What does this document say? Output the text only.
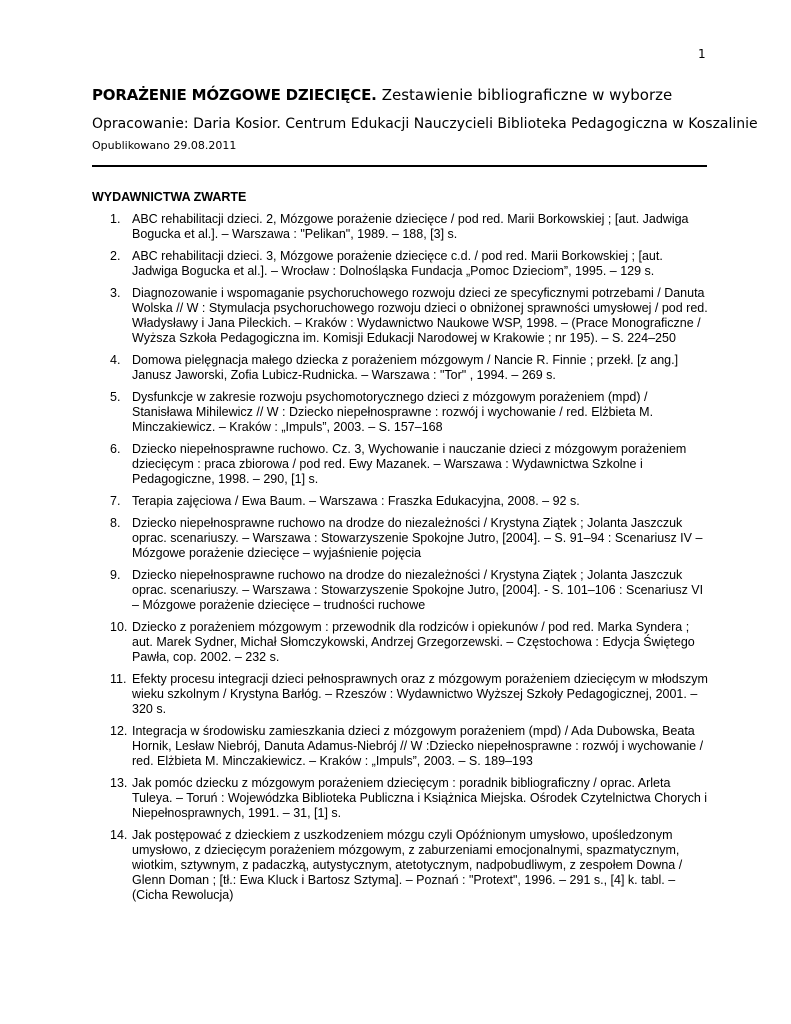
1
PORAŻENIE MÓZGOWE DZIECIĘCE. Zestawienie bibliograficzne w wyborze
Opracowanie: Daria Kosior. Centrum Edukacji Nauczycieli Biblioteka Pedagogiczna w Koszalinie
Opublikowano 29.08.2011
WYDAWNICTWA ZWARTE
1. ABC rehabilitacji dzieci. 2, Mózgowe porażenie dziecięce / pod red. Marii Borkowskiej ; [aut. Jadwiga Bogucka et al.]. – Warszawa : "Pelikan", 1989. – 188, [3] s.
2. ABC rehabilitacji dzieci. 3, Mózgowe porażenie dziecięce c.d. / pod red. Marii Borkowskiej ; [aut. Jadwiga Bogucka et al.]. – Wrocław : Dolnośląska Fundacja „Pomoc Dzieciom”, 1995. – 129 s.
3. Diagnozowanie i wspomaganie psychoruchowego rozwoju dzieci ze specyficznymi potrzebami / Danuta Wolska // W : Stymulacja psychoruchowego rozwoju dzieci o obniżonej sprawności umysłowej / pod red. Władysławy i Jana Pileckich. – Kraków : Wydawnictwo Naukowe WSP, 1998. – (Prace Monograficzne / Wyższa Szkoła Pedagogiczna im. Komisji Edukacji Narodowej w Krakowie ; nr 195). – S. 224–250
4. Domowa pielęgnacja małego dziecka z porażeniem mózgowym / Nancie R. Finnie ; przekł. [z ang.] Janusz Jaworski, Zofia Lubicz-Rudnicka. – Warszawa : "Tor" , 1994. – 269 s.
5. Dysfunkcje w zakresie rozwoju psychomotorycznego dzieci z mózgowym porażeniem (mpd) / Stanisława Mihilewicz // W : Dziecko niepełnosprawne : rozwój i wychowanie / red. Elżbieta M. Minczakiewicz. – Kraków : „Impuls”, 2003. – S. 157–168
6. Dziecko niepełnosprawne ruchowo. Cz. 3, Wychowanie i nauczanie dzieci z mózgowym porażeniem dziecięcym : praca zbiorowa / pod red. Ewy Mazanek. – Warszawa : Wydawnictwa Szkolne i Pedagogiczne, 1998. – 290, [1] s.
7. Terapia zajęciowa / Ewa Baum. – Warszawa : Fraszka Edukacyjna, 2008. – 92 s.
8. Dziecko niepełnosprawne ruchowo na drodze do niezależności / Krystyna Ziątek ; Jolanta Jaszczuk oprac. scenariuszy. – Warszawa : Stowarzyszenie Spokojne Jutro, [2004]. – S. 91–94 : Scenariusz IV – Mózgowe porażenie dziecięce – wyjaśnienie pojęcia
9. Dziecko niepełnosprawne ruchowo na drodze do niezależności / Krystyna Ziątek ; Jolanta Jaszczuk oprac. scenariuszy. – Warszawa : Stowarzyszenie Spokojne Jutro, [2004]. - S. 101–106 : Scenariusz VI – Mózgowe porażenie dziecięce – trudności ruchowe
10. Dziecko z porażeniem mózgowym : przewodnik dla rodziców i opiekunów / pod red. Marka Syndera ; aut. Marek Sydner, Michał Słomczykowski, Andrzej Grzegorzewski. – Częstochowa : Edycja Świętego Pawła, cop. 2002. – 232 s.
11. Efekty procesu integracji dzieci pełnosprawnych oraz z mózgowym porażeniem dziecięcym w młodszym wieku szkolnym / Krystyna Barłóg. – Rzeszów : Wydawnictwo Wyższej Szkoły Pedagogicznej, 2001. – 320 s.
12. Integracja w środowisku zamieszkania dzieci z mózgowym porażeniem (mpd) / Ada Dubowska, Beata Hornik, Lesław Niebrój, Danuta Adamus-Niebrój // W :Dziecko niepełnosprawne : rozwój i wychowanie / red. Elżbieta M. Minczakiewicz. – Kraków : „Impuls”, 2003. – S. 189–193
13. Jak pomóc dziecku z mózgowym porażeniem dziecięcym : poradnik bibliograficzny / oprac. Arleta Tuleya. – Toruń : Wojewódzka Biblioteka Publiczna i Książnica Miejska. Ośrodek Czytelnictwa Chorych i Niepełnosprawnych, 1991. – 31, [1] s.
14. Jak postępować z dzieckiem z uszkodzeniem mózgu czyli Opóźnionym umysłowo, upośledzonym umysłowo, z dziecięcym porażeniem mózgowym, z zaburzeniami emocjonalnymi, spazmatycznym, wiotkim, sztywnym, z padaczką, autystycznym, atetotycznym, nadpobudliwym, z zespołem Downa / Glenn Doman ; [tł.: Ewa Kluck i Bartosz Sztyma]. – Poznań : "Protext", 1996. – 291 s., [4] k. tabl. – (Cicha Rewolucja)
